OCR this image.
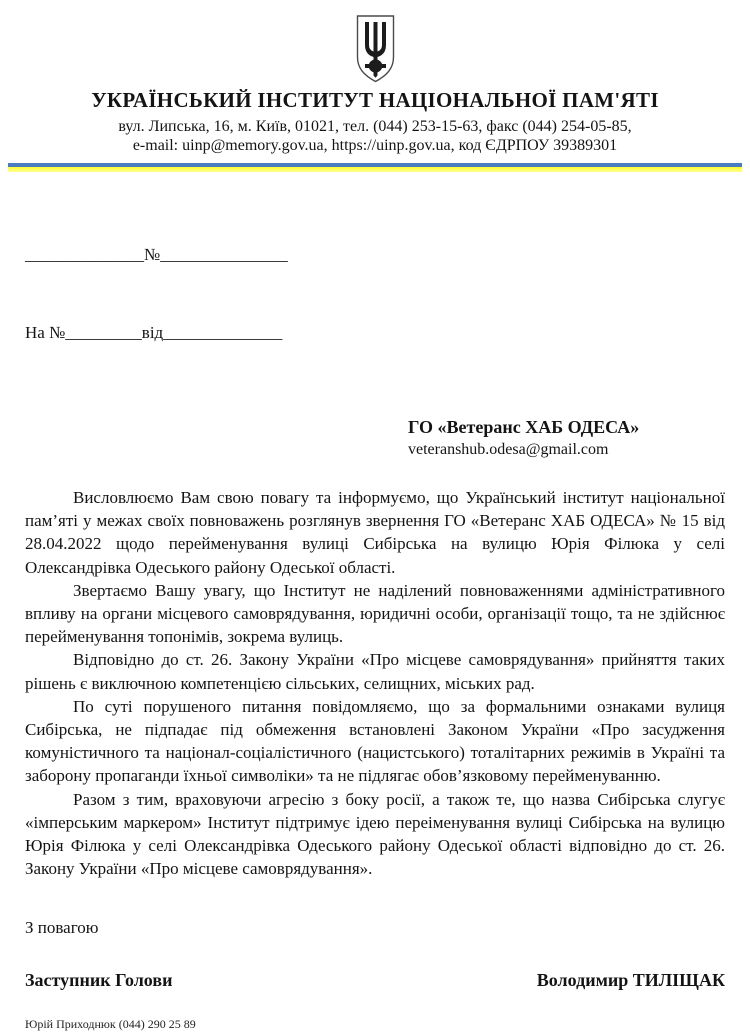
УКРАЇНСЬКИЙ ІНСТИТУТ НАЦІОНАЛЬНОЇ ПАМ'ЯТІ
вул. Липська, 16, м. Київ, 01021, тел. (044) 253-15-63, факс (044) 254-05-85,
e-mail: uinp@memory.gov.ua, https://uinp.gov.ua, код ЄДРПОУ 39389301

______________№_______________

На №_________від______________

ГО «Ветеранс ХАБ ОДЕСА»
veteranshub.odesa@gmail.com

Висловлюємо Вам свою повагу та інформуємо, що Український інститут національної пам’яті у межах своїх повноважень розглянув звернення ГО «Ветеранс ХАБ ОДЕСА» № 15 від 28.04.2022 щодо перейменування вулиці Сибірська на вулицю Юрія Філюка у селі Олександрівка Одеського району Одеської області.

Звертаємо Вашу увагу, що Інститут не наділений повноваженнями адміністративного впливу на органи місцевого самоврядування, юридичні особи, організації тощо, та не здійснює перейменування топонімів, зокрема вулиць.

Відповідно до ст. 26. Закону України «Про місцеве самоврядування» прийняття таких рішень є виключною компетенцією сільських, селищних, міських рад.

По суті порушеного питання повідомляємо, що за формальними ознаками вулиця Сибірська, не підпадає під обмеження встановлені Законом України «Про засудження комуністичного та націонал-соціалістичного (нацистського) тоталітарних режимів в Україні та заборону пропаганди їхньої символіки» та не підлягає обов’язковому перейменуванню.

Разом з тим, враховуючи агресію з боку росії, а також те, що назва Сибірська слугує «імперським маркером» Інститут підтримує ідею переіменування вулиці Сибірська на вулицю Юрія Філюка у селі Олександрівка Одеського району Одеської області відповідно до ст. 26. Закону України «Про місцеве самоврядування».

З повагою
Заступник Голови	Володимир ТИЛІЩАК
Юрій Приходнюк (044) 290 25 89
